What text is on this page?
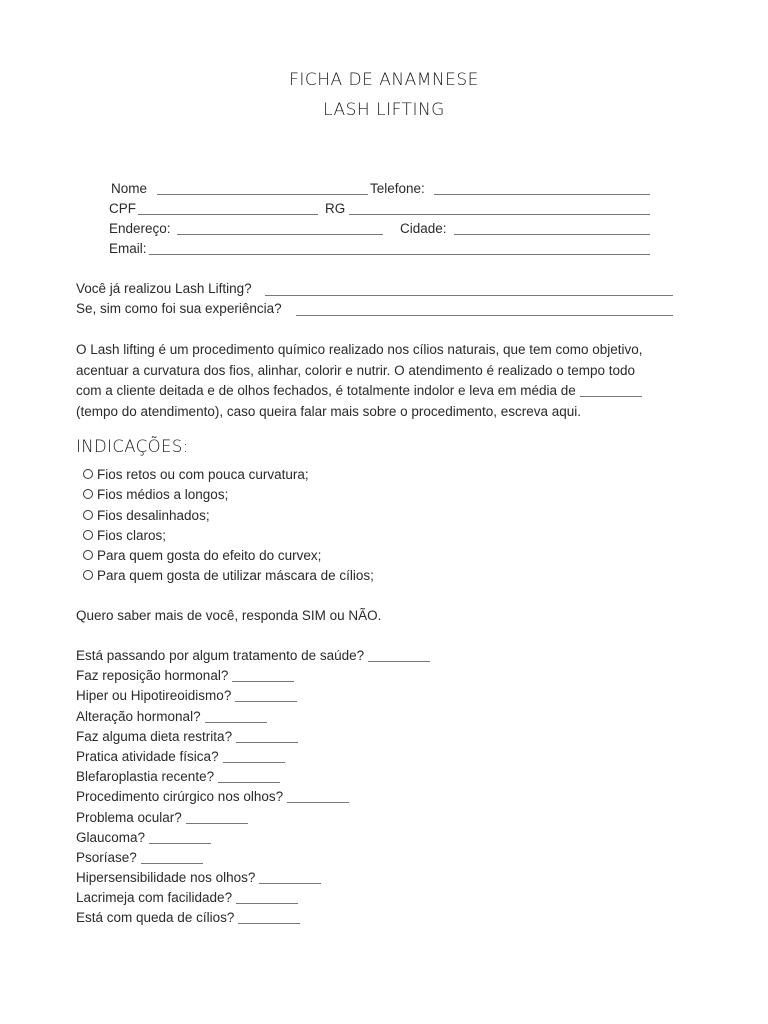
FICHA DE ANAMNESE
LASH LIFTING
Nome	Telefone:
CPF	RG
Endereço:	Cidade:
Email:
Você já realizou Lash Lifting?
Se, sim como foi sua experiência?
O Lash lifting é um procedimento químico realizado nos cílios naturais, que tem como objetivo,
acentuar a curvatura dos fios, alinhar, colorir e nutrir. O atendimento é realizado o tempo todo
com a cliente deitada e de olhos fechados, é totalmente indolor e leva em média de
(tempo do atendimento), caso queira falar mais sobre o procedimento, escreva aqui.
INDICAÇÕES:
Fios retos ou com pouca curvatura;
Fios médios a longos;
Fios desalinhados;
Fios claros;
Para quem gosta do efeito do curvex;
Para quem gosta de utilizar máscara de cílios;
Quero saber mais de você, responda SIM ou NÃO.
Está passando por algum tratamento de saúde?
Faz reposição hormonal?
Hiper ou Hipotireoidismo?
Alteração hormonal?
Faz alguma dieta restrita?
Pratica atividade física?
Blefaroplastia recente?
Procedimento cirúrgico nos olhos?
Problema ocular?
Glaucoma?
Psoríase?
Hipersensibilidade nos olhos?
Lacrimeja com facilidade?
Está com queda de cílios?
